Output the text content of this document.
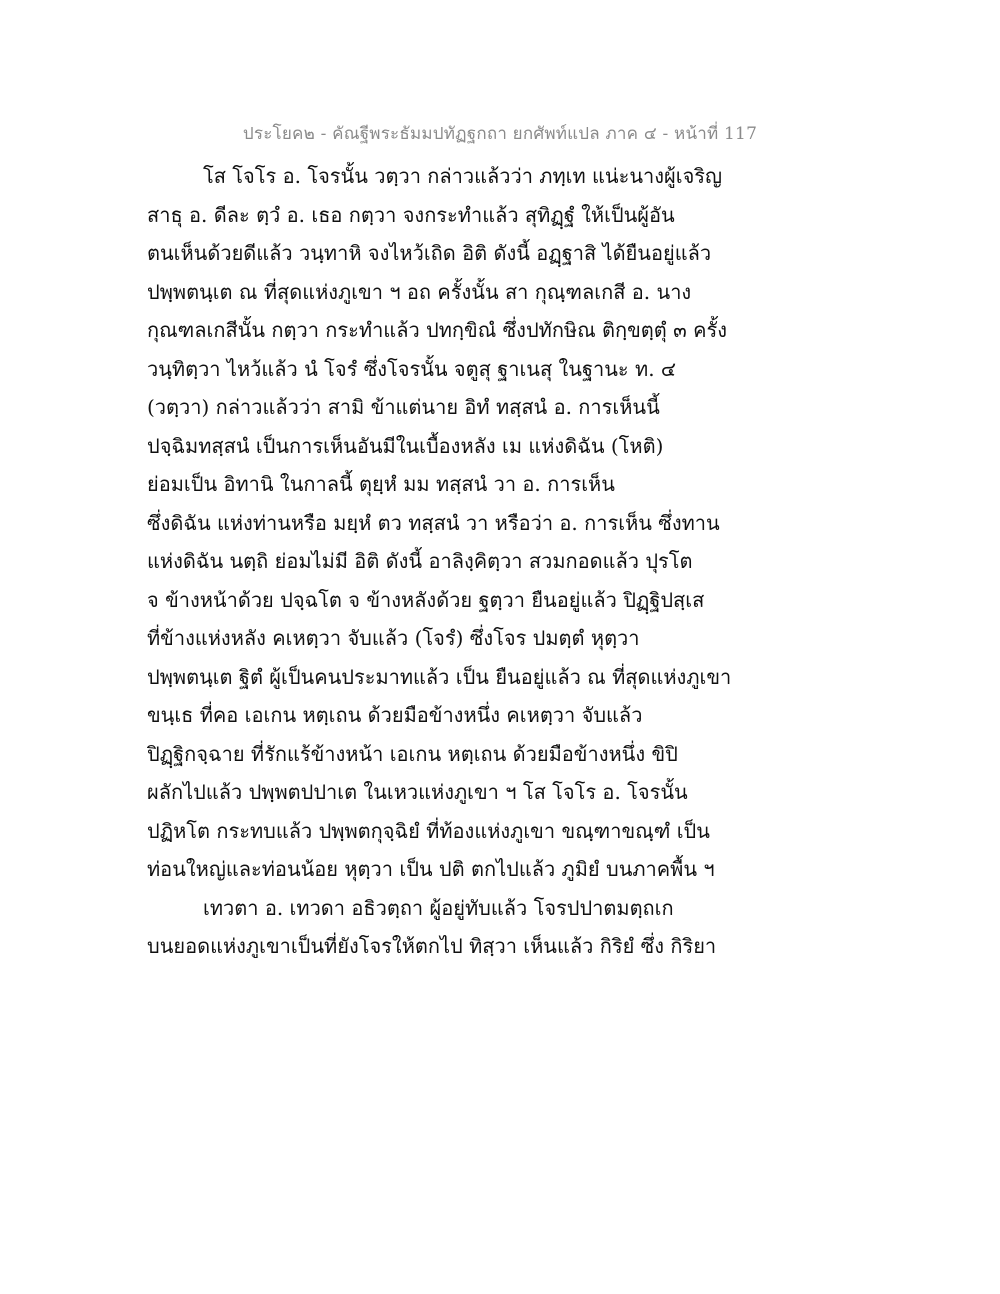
ประโยค๒ - คัณฐีพระธัมมปทัฏฐกถา ยกศัพท์แปล ภาค ๔ - หน้าที่ 117
โส โจโร อ. โจรนั้น วตฺวา กล่าวแล้วว่า ภทฺเท แน่ะนางผู้เจริญ
สาธุ อ. ดีละ ตฺวํ อ. เธอ กตฺวา จงกระทำแล้ว สุทิฏฺฐํ ให้เป็นผู้อัน
ตนเห็นด้วยดีแล้ว วนฺทาหิ จงไหว้เถิด อิติ ดังนี้ อฏฺฐาสิ ได้ยืนอยู่แล้ว
ปพฺพตนฺเต ณ ที่สุดแห่งภูเขา ฯ อถ ครั้งนั้น สา กุณฺฑลเกสี อ. นาง
กุณฑลเกสีนั้น กตฺวา กระทำแล้ว ปทกฺขิณํ ซึ่งปทักษิณ ติกฺขตฺตุํ ๓ ครั้ง
วนฺทิตฺวา ไหว้แล้ว นํ โจรํ ซึ่งโจรนั้น จตูสุ ฐาเนสุ ในฐานะ ท. ๔
(วตฺวา) กล่าวแล้วว่า สามิ ข้าแต่นาย อิทํ ทสฺสนํ อ. การเห็นนี้
ปจฺฉิมทสฺสนํ เป็นการเห็นอันมีในเบื้องหลัง เม แห่งดิฉัน (โหติ)
ย่อมเป็น อิทานิ ในกาลนี้ ตุยฺหํ มม ทสฺสนํ วา อ. การเห็น
ซึ่งดิฉัน แห่งท่านหรือ มยฺหํ ตว ทสฺสนํ วา หรือว่า อ. การเห็น ซึ่งทาน
แห่งดิฉัน นตฺถิ ย่อมไม่มี อิติ ดังนี้ อาลิงฺคิตฺวา สวมกอดแล้ว ปุรโต
จ ข้างหน้าด้วย ปจฺฉโต จ ข้างหลังด้วย ฐตฺวา ยืนอยู่แล้ว ปิฏฺฐิปสฺเส
ที่ข้างแห่งหลัง คเหตฺวา จับแล้ว (โจรํ) ซึ่งโจร ปมตฺตํ หุตฺวา
ปพฺพตนฺเต ฐิตํ ผู้เป็นคนประมาทแล้ว เป็น ยืนอยู่แล้ว ณ ที่สุดแห่งภูเขา
ขนฺเธ ที่คอ เอเกน หตฺเถน ด้วยมือข้างหนึ่ง คเหตฺวา จับแล้ว
ปิฏฺฐิกจฺฉาย ที่รักแร้ข้างหน้า เอเกน หตฺเถน ด้วยมือข้างหนึ่ง ขิปิ
ผลักไปแล้ว ปพฺพตปปาเต ในเหวแห่งภูเขา ฯ โส โจโร อ. โจรนั้น
ปฏิหโต กระทบแล้ว ปพฺพตกุจฺฉิยํ ที่ท้องแห่งภูเขา ขณฺฑาขณฺฑํ เป็น
ท่อนใหญ่และท่อนน้อย หุตฺวา เป็น ปติ ตกไปแล้ว ภูมิยํ บนภาคพื้น ฯ
เทวตา อ. เทวดา อธิวตฺถา ผู้อยู่ทับแล้ว โจรปปาตมตฺถเก
บนยอดแห่งภูเขาเป็นที่ยังโจรให้ตกไป ทิสฺวา เห็นแล้ว กิริยํ ซึ่ง กิริยา
